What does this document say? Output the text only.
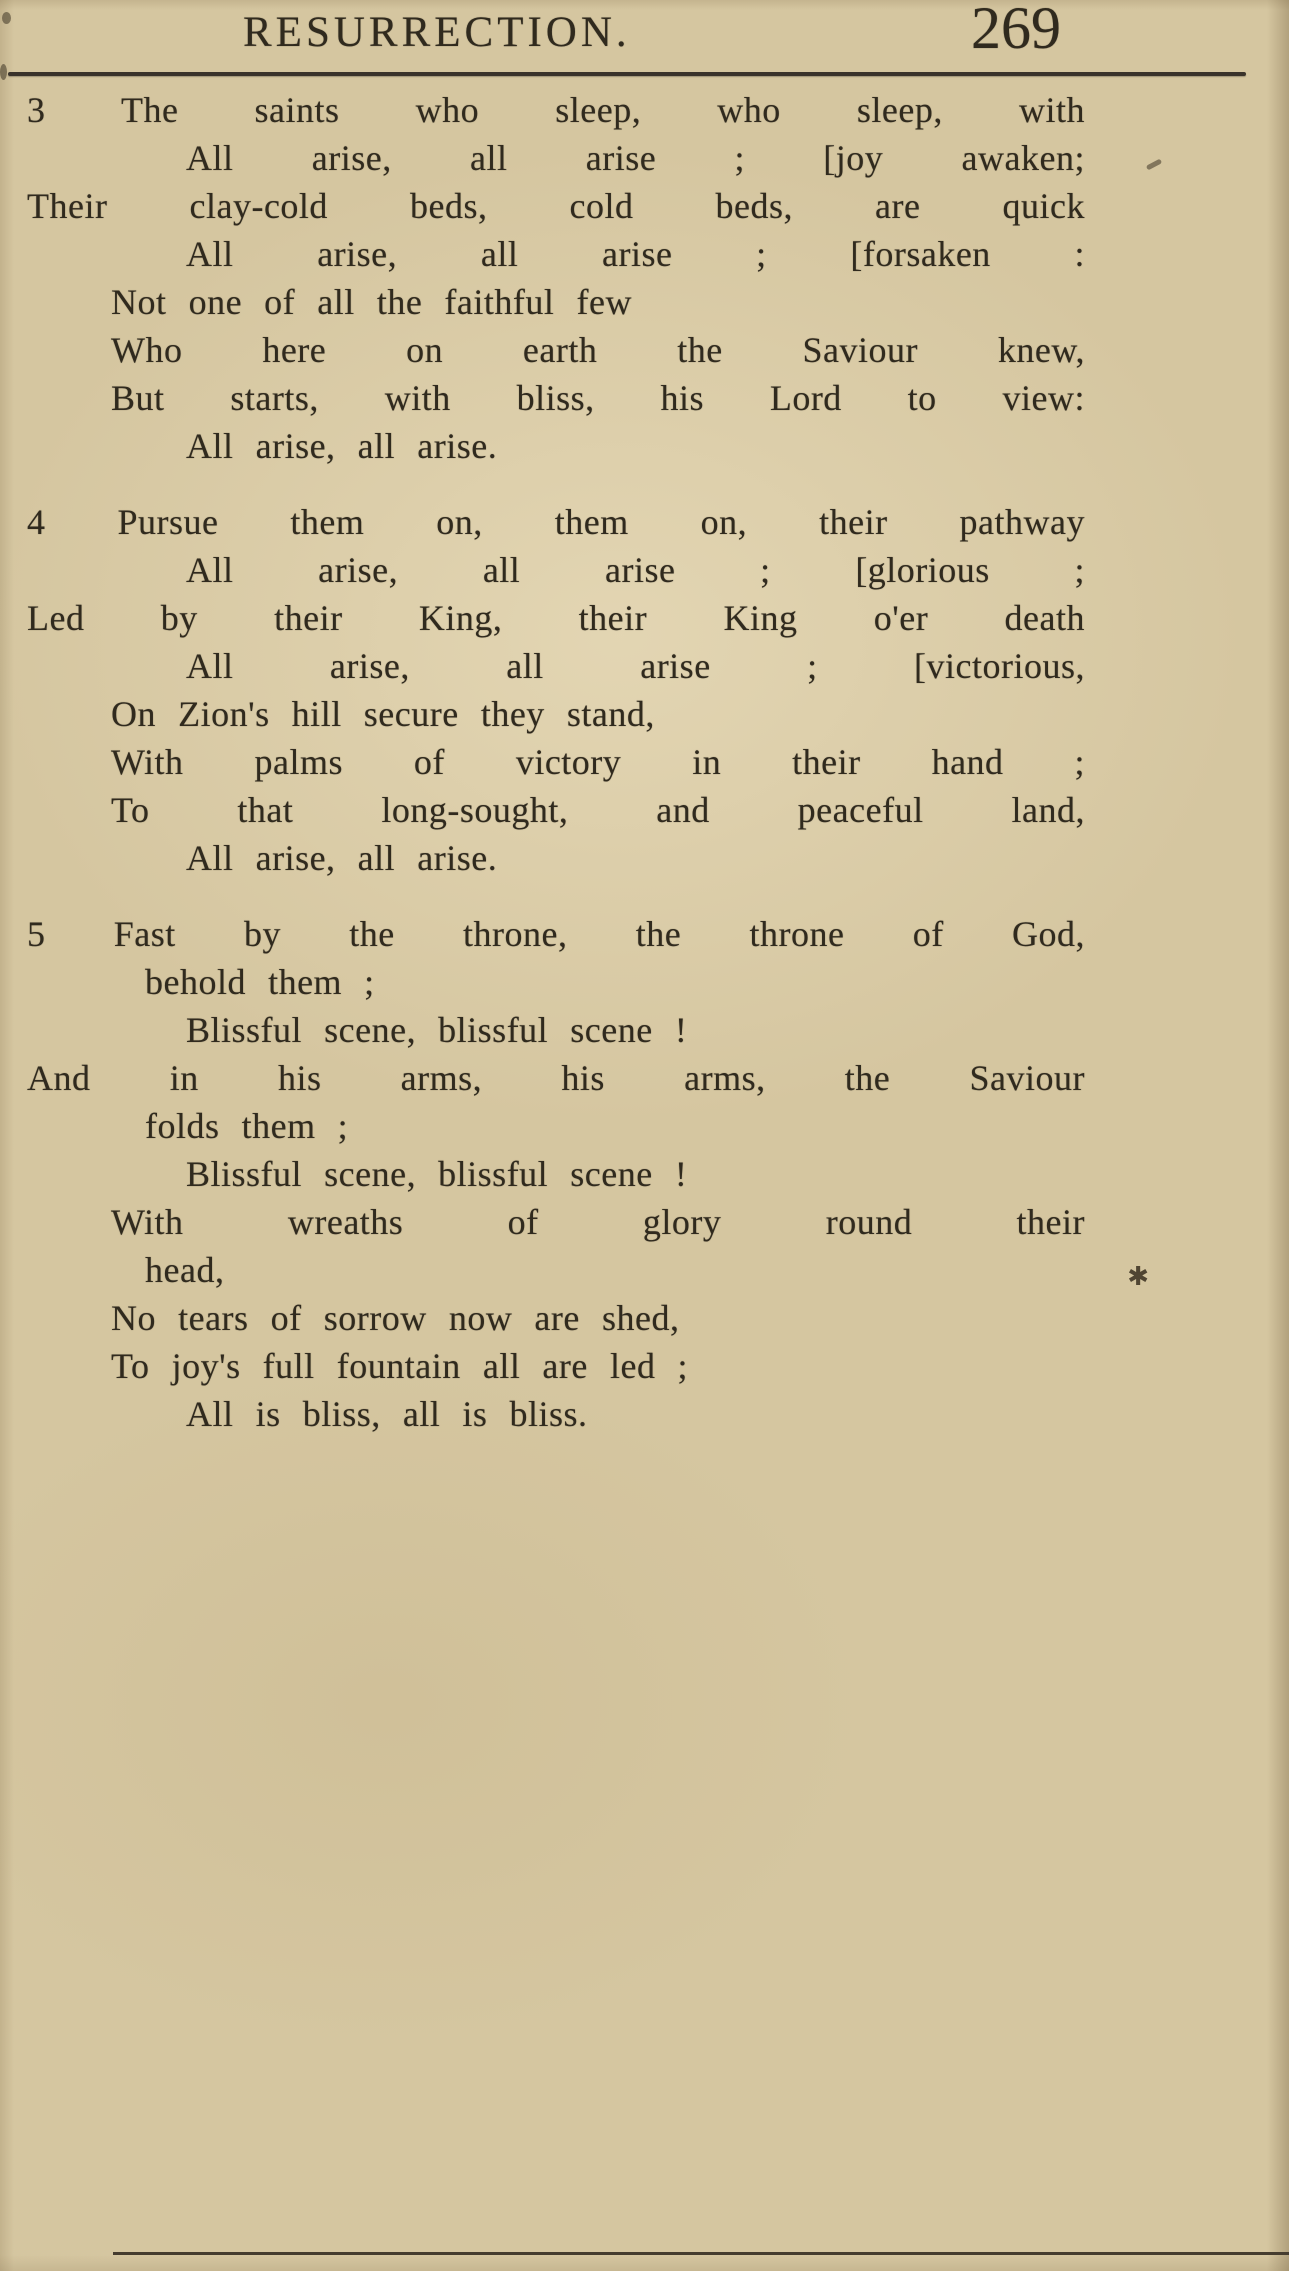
RESURRECTION.	269
3 The saints who sleep, who sleep, with
All arise, all arise ; [joy awaken;
Their clay-cold beds, cold beds, are quick
All arise, all arise ; [forsaken :
Not one of all the faithful few
Who here on earth the Saviour knew,
But starts, with bliss, his Lord to view:
All arise, all arise.
4 Pursue them on, them on, their pathway
All arise, all arise ; [glorious ;
Led by their King, their King o'er death
All arise, all arise ; [victorious,
On Zion's hill secure they stand,
With palms of victory in their hand ;
To that long-sought, and peaceful land,
All arise, all arise.
5 Fast by the throne, the throne of God,
behold them ;
Blissful scene, blissful scene !
And in his arms, his arms, the Saviour
folds them ;
Blissful scene, blissful scene !
With wreaths of glory round their
head,	✱
No tears of sorrow now are shed,
To joy's full fountain all are led ;
All is bliss, all is bliss.
